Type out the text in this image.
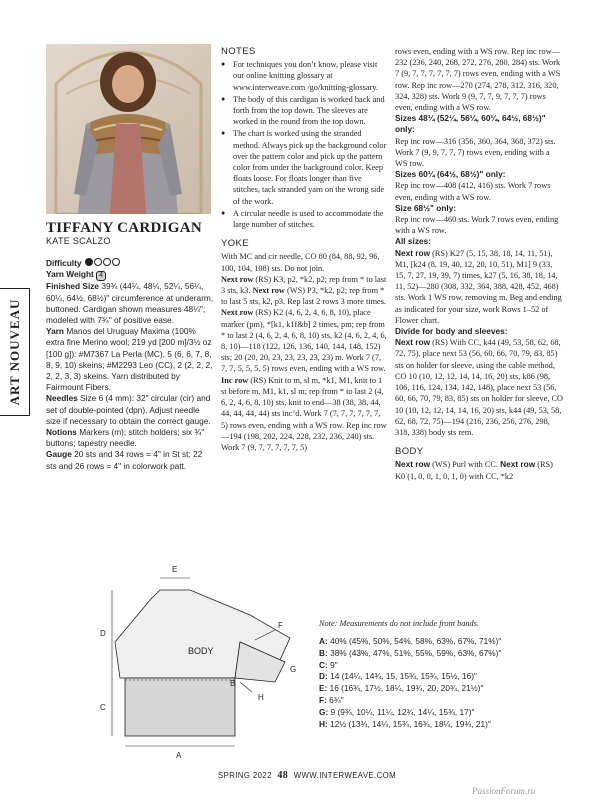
ART NOUVEAU
TIFFANY CARDIGAN
KATE SCALZO

Difficulty

Yarn Weight 4

Finished Size 39¾ (44¼, 48¼, 52¼, 56¼, 60¼, 64½, 68½)" circumference at underarm, buttoned. Cardigan shown measures 48¼"; modeled with 7¾" of positive ease.

Yarn Manos del Uruguay Maxima (100% extra fine Merino wool; 219 yd [200 m]/3½ oz [100 g]): #M7367 La Perla (MC), 5 (6, 6, 7, 8, 8, 9, 10) skeins; #M2293 Leo (CC), 2 (2, 2, 2, 2, 2, 3, 3) skeins. Yarn distributed by Fairmount Fibers.

Needles Size 6 (4 mm): 32" circular (cir) and set of double-pointed (dpn). Adjust needle size if necessary to obtain the correct gauge.

Notions Markers (m); stitch holders; six ¾" buttons; tapestry needle.

Gauge 20 sts and 34 rows = 4" in St st; 22 sts and 26 rows = 4" in colorwork patt.

NOTES

● For techniques you don’t know, please visit our online knitting glossary at www.interweave.com /go/knitting-glossary.
● The body of this cardigan is worked back and forth from the top down. The sleeves are worked in the round from the top down.
● The chart is worked using the stranded method. Always pick up the background color over the pattern color and pick up the pattern color from under the background color. Keep floats loose. For floats longer than five stitches, tack stranded yarn on the wrong side of the work.
● A circular needle is used to accommodate the large number of stitches.

YOKE

With MC and cir needle, CO 80 (84, 88, 92, 96, 100, 104, 108) sts. Do not join.

Next row (RS) K3, p2, *k2, p2; rep from * to last 3 sts, k3. Next row (WS) P3, *k2, p2; rep from * to last 5 sts, k2, p3. Rep last 2 rows 3 more times. Next row (RS) K2 (4, 6, 2, 4, 6, 8, 10), place marker (pm), *[k1, k1f&b] 2 times, pm; rep from * to last 2 (4, 6, 2, 4, 6, 8, 10) sts, k2 (4, 6, 2, 4, 6, 8, 10)—118 (122, 126, 136, 140, 144, 148, 152) sts; 20 (20, 20, 23, 23, 23, 23, 23) m. Work 7 (7, 7, 7, 5, 5, 5, 5) rows even, ending with a WS row. Inc row (RS) Knit to m, sl m, *k1, M1, knit to 1 st before m, M1, k1, sl m; rep from * to last 2 (4, 6, 2, 4, 6, 8, 10) sts, knit to end—38 (38, 38, 44, 44, 44, 44, 44) sts inc’d. Work 7 (7, 7, 7, 7, 7, 7, 5) rows even, ending with a WS row. Rep inc row—194 (198, 202, 224, 228, 232, 236, 240) sts. Work 7 (9, 7, 7, 7, 7, 7, 5)

rows even, ending with a WS row. Rep inc row—232 (236, 240, 268, 272, 276, 280, 284) sts. Work 7 (9, 7, 7, 7, 7, 7, 7) rows even, ending with a WS row. Rep inc row—270 (274, 278, 312, 316, 320, 324, 328) sts. Work 9 (9, 7, 7, 9, 7, 7, 7) rows even, ending with a WS row.

Sizes 48¼ (52¼, 56¼, 60¼, 64½, 68½)" only:

Rep inc row—316 (356, 360, 364, 368, 372) sts. Work 7 (9, 9, 7, 7, 7) rows even, ending with a WS row.

Sizes 60¼ (64½, 68½)" only:

Rep inc row—408 (412, 416) sts. Work 7 rows even, ending with a WS row.

Size 68½" only:

Rep inc row—460 sts. Work 7 rows even, ending with a WS row.

All sizes:

Next row (RS) K27 (5, 15, 38, 18, 14, 11, 51), M1, [k24 (8, 19, 40, 12, 20, 10, 51), M1] 9 (33, 15, 7, 27, 19, 39, 7) times, k27 (5, 16, 38, 18, 14, 11, 52)—280 (308, 332, 364, 388, 428, 452, 468) sts. Work 1 WS row, removing m. Beg and ending as indicated for your size, work Rows 1–52 of Flower chart.

Divide for body and sleeves:

Next row (RS) With CC, k44 (49, 53, 58, 62, 68, 72, 75), place next 53 (56, 60, 66, 70, 79, 83, 85) sts on holder for sleeve, using the cable method, CO 10 (10, 12, 12, 14, 14, 16, 20) sts, k86 (98, 106, 116, 124, 134, 142, 148), place next 53 (56, 60, 66, 70, 79, 83, 85) sts on holder for sleeve, CO 10 (10, 12, 12, 14, 14, 16, 20) sts, k44 (49, 53, 58, 62, 68, 72, 75)—194 (216, 236, 256, 276, 298, 318, 338) body sts rem.

BODY

Next row (WS) Purl with CC. Next row (RS) K0 (1, 0, 0, 1, 0, 1, 0) with CC, *k2

E
D
C
A
B
F
G
H
BODY

Note: Measurements do not include front bands.

A: 40% (45%, 50%, 54%, 58%, 63%, 67%, 71%)"
B: 38% (43%, 47%, 51%, 55%, 59%, 63%, 67%)"
C: 9"
D: 14 (14¼, 14¾, 15, 15¾, 15¾, 15½, 16)"
E: 16 (16¾, 17½, 18¼, 19¾, 20, 20¾, 21½)"
F: 6¾"
G: 9 (9¾, 10¼, 11¼, 12¾, 14¼, 15¾, 17)"
H: 12½ (13¾, 14¼, 15¾, 16¾, 18¼, 19¾, 21)"
SPRING 2022 48 WWW.INTERWEAVE.COM
PassionForum.ru
